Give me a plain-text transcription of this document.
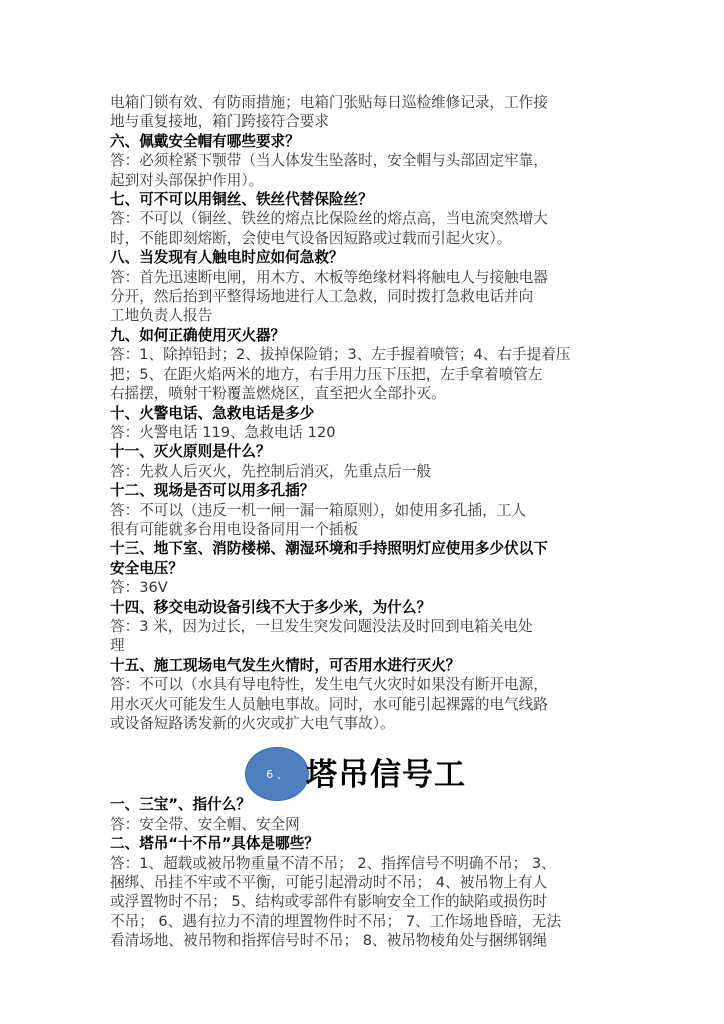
电箱门锁有效、有防雨措施；电箱门张贴每日巡检维修记录，工作接

地与重复接地，箱门跨接符合要求

六、佩戴安全帽有哪些要求？

答：必须栓紧下颚带（当人体发生坠落时，安全帽与头部固定牢靠，

起到对头部保护作用）。

七、可不可以用铜丝、铁丝代替保险丝？

答：不可以（铜丝、铁丝的熔点比保险丝的熔点高，当电流突然增大

时，不能即刻熔断，会使电气设备因短路或过载而引起火灾）。

八、当发现有人触电时应如何急救？

答：首先迅速断电闸，用木方、木板等绝缘材料将触电人与接触电器

分开，然后抬到平整得场地进行人工急救，同时拨打急救电话并向

工地负责人报告

九、如何正确使用灭火器？

答：1、除掉铅封；2、拔掉保险销；3、左手握着喷管；4、右手提着压

把；5、在距火焰两米的地方，右手用力压下压把，左手拿着喷管左

右摇摆，喷射干粉覆盖燃烧区，直至把火全部扑灭。

十、火警电话、急救电话是多少

答：火警电话 119、急救电话 120

十一、灭火原则是什么？

答：先救人后灭火，先控制后消灭，先重点后一般

十二、现场是否可以用多孔插？

答：不可以（违反一机一闸一漏一箱原则），如使用多孔插，工人

很有可能就多台用电设备同用一个插板

十三、地下室、消防楼梯、潮湿环境和手持照明灯应使用多少伏以下

安全电压？

答：36V

十四、移交电动设备引线不大于多少米，为什么？

答：3 米，因为过长，一旦发生突发问题没法及时回到电箱关电处

理

十五、施工现场电气发生火情时，可否用水进行灭火？

答：不可以（水具有导电特性，发生电气火灾时如果没有断开电源，

用水灭火可能发生人员触电事故。同时，水可能引起裸露的电气线路

或设备短路诱发新的火灾或扩大电气事故）。

6 、 塔吊信号工

一、三宝”、指什么？

答：安全带、安全帽、安全网

二、塔吊“十不吊”具体是哪些？

答：1、超载或被吊物重量不清不吊； 2、指挥信号不明确不吊； 3、

捆绑、吊挂不牢或不平衡，可能引起滑动时不吊； 4、被吊物上有人

或浮置物时不吊； 5、结构或零部件有影响安全工作的缺陷或损伤时

不吊； 6、遇有拉力不清的埋置物件时不吊； 7、工作场地昏暗，无法

看清场地、被吊物和指挥信号时不吊； 8、被吊物棱角处与捆绑钢绳
